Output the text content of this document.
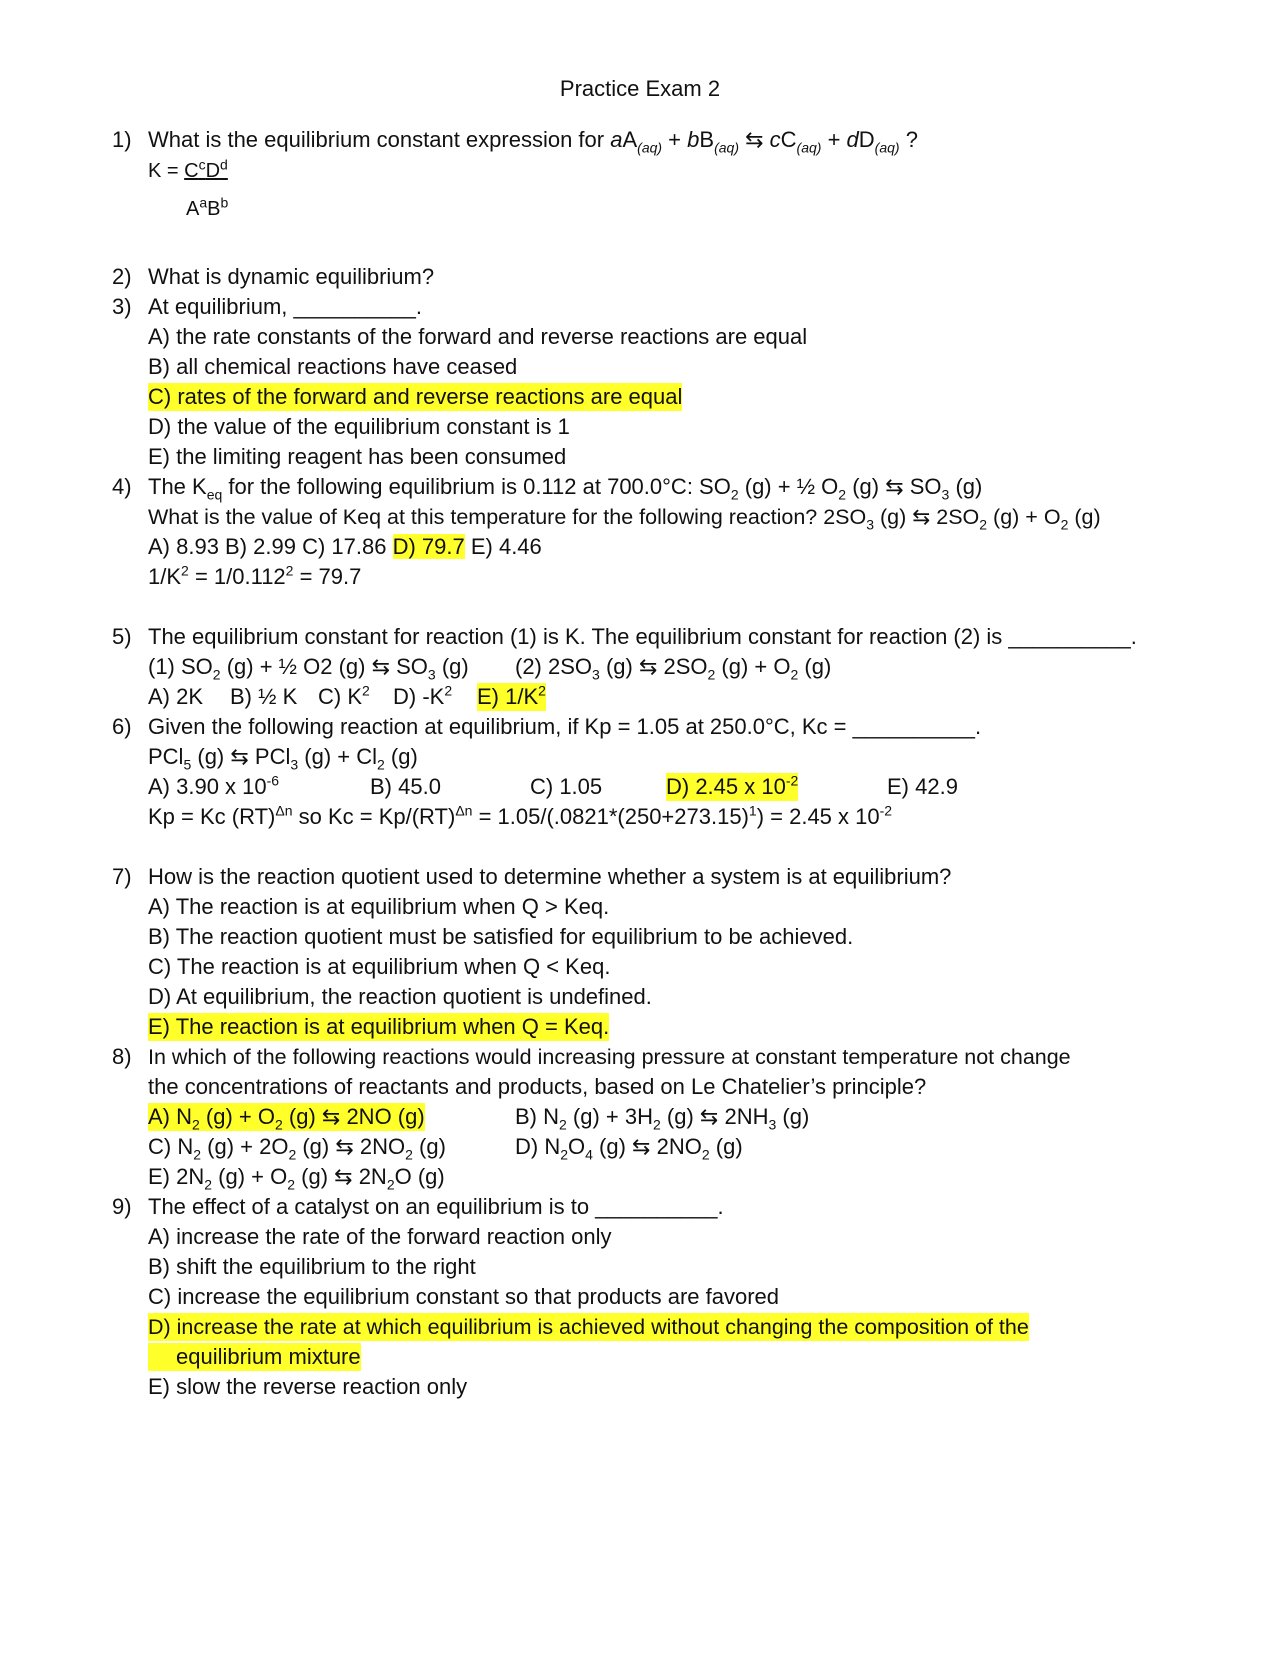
Practice Exam 2
1) What is the equilibrium constant expression for $aA_{(aq)} + bB_{(aq)}$ ⇆ $cC_{(aq)} + dD_{(aq)}$ ?
$K = C^cD^d$
$A^aB^b$
2) What is dynamic equilibrium?
3) At equilibrium, __________.
A) the rate constants of the forward and reverse reactions are equal
B) all chemical reactions have ceased
C) rates of the forward and reverse reactions are equal
D) the value of the equilibrium constant is 1
E) the limiting reagent has been consumed
4) The $K_{eq}$ for the following equilibrium is 0.112 at 700.0°C: $SO_2$ (g) + ½ $O_2$ (g) ⇆ $SO_3$ (g)
What is the value of Keq at this temperature for the following reaction? $2SO_3$ (g) ⇆ $2SO_2$ $(g) + O_2$ (g)
A) 8.93 B) 2.99 C) 17.86 D) 79.7 E) 4.46
$1/K^2 = 1/0.112^2 = 79.7$
5) The equilibrium constant for reaction (1) is K. The equilibrium constant for reaction (2) is __________.
(1) $SO_2$ (g) + ½ O2 (g) ⇆ $SO_3$ (g) (2) $2SO_3$ (g) ⇆ $2SO_2$ $(g) + O_2$ (g)
A) 2K B) ½ K C) $K^2$ D) $-K^2$ E) $1/K^2$
6) Given the following reaction at equilibrium, if Kp = 1.05 at 250.0°C, Kc = __________.
PCl$_5$ (g) ⇆ PCl$_3$ $(g) + Cl_2$ (g)
A) 3.90 x $10^{-6}$	B) 45.0	C) 1.05	D) 2.45 x $10^{-2}$	E) 42.9
Kp = Kc (RT)$^{\Delta n}$ so $Kc = Kp/(RT)^{\Delta n} = 1.05/(.0821*(250+273.15)^1) = 2.45$ x $10^{-2}$
7) How is the reaction quotient used to determine whether a system is at equilibrium?
A) The reaction is at equilibrium when Q > Keq.
B) The reaction quotient must be satisfied for equilibrium to be achieved.
C) The reaction is at equilibrium when Q < Keq.
D) At equilibrium, the reaction quotient is undefined.
E) The reaction is at equilibrium when Q = Keq.
8) In which of the following reactions would increasing pressure at constant temperature not change
the concentrations of reactants and products, based on Le Chatelier’s principle?
A) $N_2$ $(g) + O_2$ (g) ⇆ 2NO (g)	B) $N_2$ $(g) + 3H_2$ (g) ⇆ $2NH_3$ (g)
C) $N_2$ $(g) + 2O_2$ (g) ⇆ $2NO_2$ (g)	D) $N_2O_4$ (g) ⇆ $2NO_2$ (g)
E) $2N_2$ $(g) + O_2$ (g) ⇆ $2N_2O$ (g)
9) The effect of a catalyst on an equilibrium is to __________.
A) increase the rate of the forward reaction only
B) shift the equilibrium to the right
C) increase the equilibrium constant so that products are favored
D) increase the rate at which equilibrium is achieved without changing the composition of the
equilibrium mixture
E) slow the reverse reaction only
